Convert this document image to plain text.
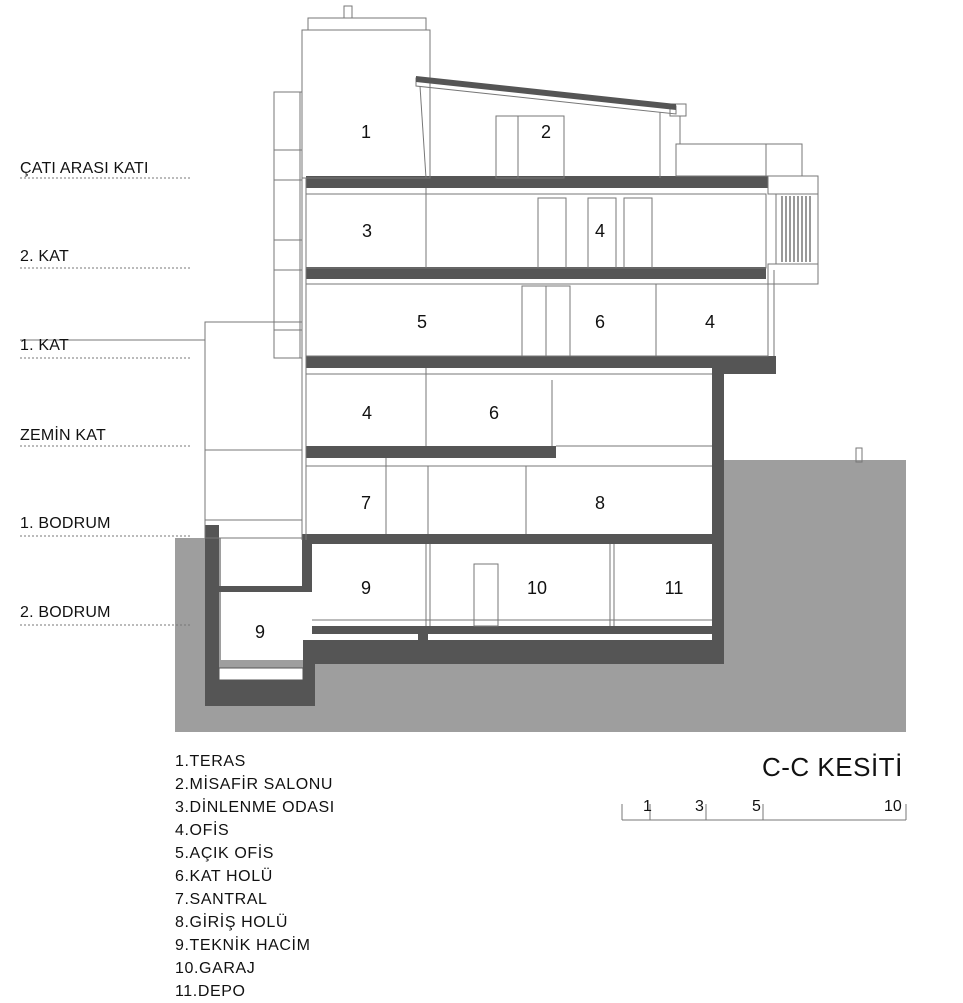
1	2
3	4
5	6	4
4	6
7	8
9	10	11
9
ÇATI ARASI KATI
2. KAT
1. KAT
ZEMİN KAT
1. BODRUM
2. BODRUM
1.TERAS
2.MİSAFİR SALONU
3.DİNLENME ODASI
4.OFİS
5.AÇIK OFİS
6.KAT HOLÜ
7.SANTRAL
8.GİRİŞ HOLÜ
9.TEKNİK HACİM
10.GARAJ
11.DEPO
C-C KESİTİ
1	3	5	10
